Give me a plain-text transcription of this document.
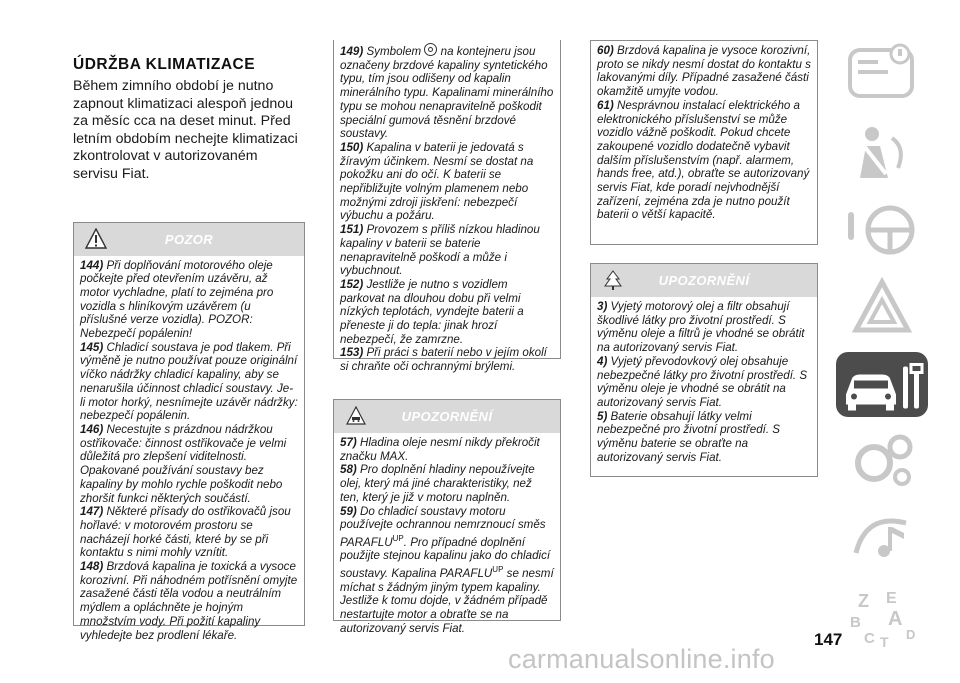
ÚDRŽBA KLIMATIZACE

Během zimního období je nutno zapnout klimatizaci alespoň jednou za měsíc cca na deset minut. Před letním obdobím nechejte klimatizaci zkontrolovat v autorizovaném servisu Fiat.

POZOR

144) Při doplňování motorového oleje počkejte před otevřením uzávěru, až motor vychladne, platí to zejména pro vozidla s hliníkovým uzávěrem (u příslušné verze vozidla). POZOR: Nebezpečí popálenin!

145) Chladicí soustava je pod tlakem. Při výměně je nutno používat pouze originální víčko nádržky chladicí kapaliny, aby se nenarušila účinnost chladicí soustavy. Je-li motor horký, nesnímejte uzávěr nádržky: nebezpečí popálenin.

146) Necestujte s prázdnou nádržkou ostřikovače: činnost ostřikovače je velmi důležitá pro zlepšení viditelnosti. Opakované používání soustavy bez kapaliny by mohlo rychle poškodit nebo zhoršit funkci některých součástí.

147) Některé přísady do ostřikovačů jsou hořlavé: v motorovém prostoru se nacházejí horké části, které by se při kontaktu s nimi mohly vznítit.

148) Brzdová kapalina je toxická a vysoce korozivní. Při náhodném potřísnění omyjte zasažené části těla vodou a neutrálním mýdlem a opláchněte je hojným množstvím vody. Při požití kapaliny vyhledejte bez prodlení lékaře.

149) Symbolem  na kontejneru jsou označeny brzdové kapaliny syntetického typu, tím jsou odlišeny od kapalin minerálního typu. Kapalinami minerálního typu se mohou nenapravitelně poškodit speciální gumová těsnění brzdové soustavy.

150) Kapalina v baterii je jedovatá s žíravým účinkem. Nesmí se dostat na pokožku ani do očí. K baterii se nepřibližujte volným plamenem nebo možnými zdroji jiskření: nebezpečí výbuchu a požáru.

151) Provozem s příliš nízkou hladinou kapaliny v baterii se baterie nenapravitelně poškodí a může i vybuchnout.

152) Jestliže je nutno s vozidlem parkovat na dlouhou dobu při velmi nízkých teplotách, vyndejte baterii a přeneste ji do tepla: jinak hrozí nebezpečí, že zamrzne.

153) Při práci s baterií nebo v jejím okolí si chraňte oči ochrannými brýlemi.

UPOZORNĚNÍ

57) Hladina oleje nesmí nikdy překročit značku MAX.

58) Pro doplnění hladiny nepoužívejte olej, který má jiné charakteristiky, než ten, který je již v motoru naplněn.

59) Do chladicí soustavy motoru používejte ochrannou nemrznoucí směs $PARAFLU^{UP}$. Pro případné doplnění použijte stejnou kapalinu jako do chladicí soustavy. Kapalina $PARAFLU^{UP}$ se nesmí míchat s žádným jiným typem kapaliny. Jestliže k tomu dojde, v žádném případě nestartujte motor a obraťte se na autorizovaný servis Fiat.

60) Brzdová kapalina je vysoce korozivní, proto se nikdy nesmí dostat do kontaktu s lakovanými díly. Případné zasažené části okamžitě umyjte vodou.

61) Nesprávnou instalací elektrického a elektronického příslušenství se může vozidlo vážně poškodit. Pokud chcete zakoupené vozidlo dodatečně vybavit dalším příslušenstvím (např. alarmem, hands free, atd.), obraťte se autorizovaný servis Fiat, kde poradí nejvhodnější zařízení, zejména zda je nutno použít baterii o větší kapacitě.

UPOZORNĚNÍ

3) Vyjetý motorový olej a filtr obsahují škodlivé látky pro životní prostředí. S výměnu oleje a filtrů je vhodné se obrátit na autorizovaný servis Fiat.

4) Vyjetý převodovkový olej obsahuje nebezpečné látky pro životní prostředí. S výměnu oleje je vhodné se obrátit na autorizovaný servis Fiat.

5) Baterie obsahují látky velmi nebezpečné pro životní prostředí. S výměnu baterie se obraťte na autorizovaný servis Fiat.

Z E
B A
C T D
147
carmanualsonline.info
